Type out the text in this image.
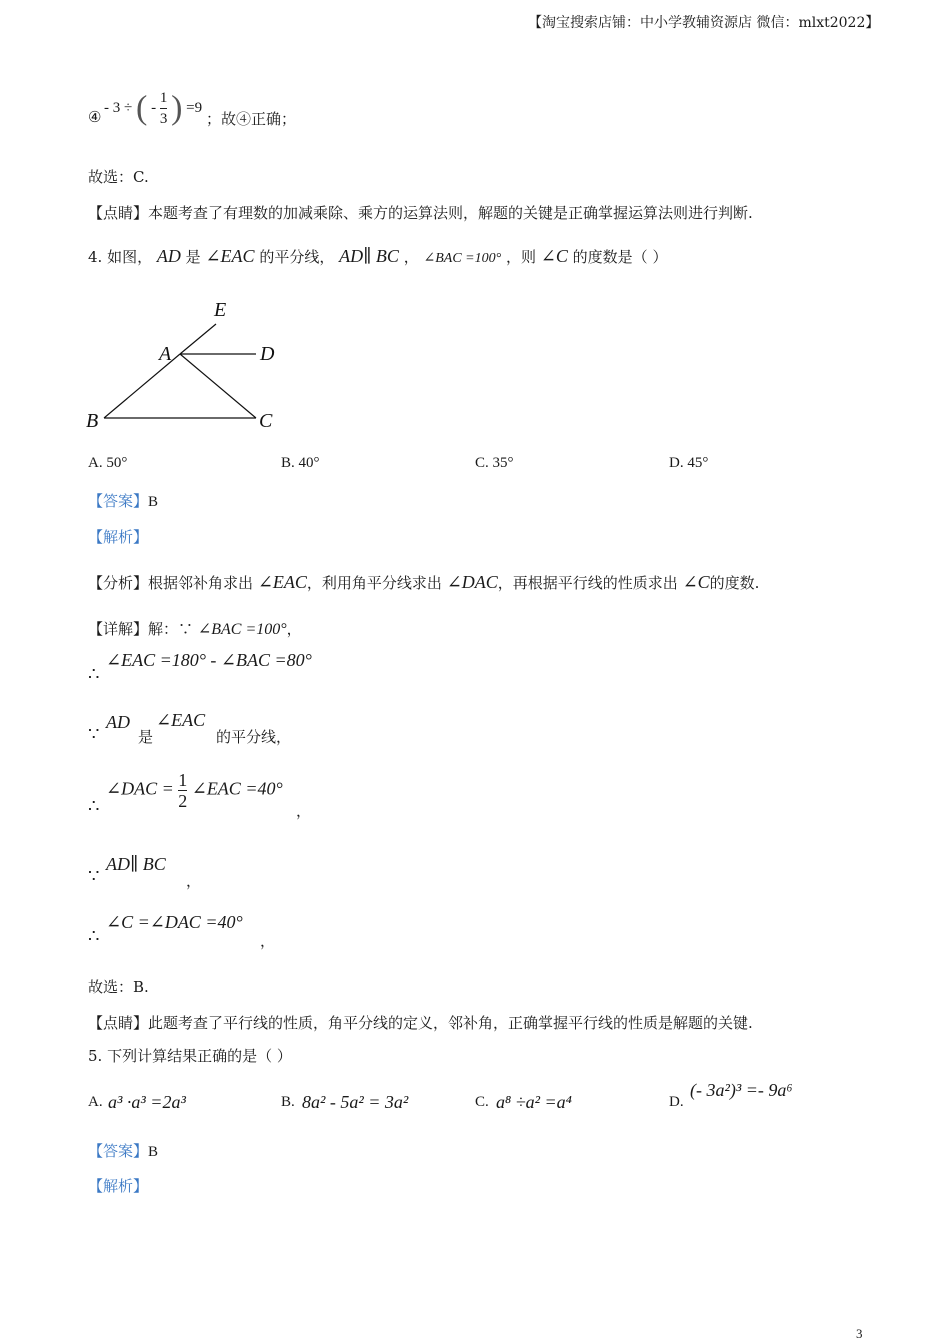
【淘宝搜索店铺：中小学教辅资源店 微信：mlxt2022】
④
- 3 ÷ ( - $\frac{1}{3}$ ) =9
；故④正确；
故选：C.
【点睛】本题考查了有理数的加减乘除、乘方的运算法则，解题的关键是正确掌握运算法则进行判断.
4. 如图， AD 是 ∠EAC 的平分线， AD∥ BC ， ∠BAC =100° ，则 ∠C 的度数是（ ）
E
A	D
B	C
A. 50°	B. 40°	C. 35°	D. 45°
【答案】B
【解析】
【分析】根据邻补角求出 ∠EAC，利用角平分线求出 ∠DAC，再根据平行线的性质求出 ∠C的度数.
【详解】解：∵ ∠BAC =100°，
∴
∠EAC =180° - ∠BAC =80°
∵
AD
是
∠EAC
的平分线，
∴
∠DAC = $\frac{1}{2}$ ∠EAC =40°
，
∵
AD∥ BC
，
∴
∠C =∠DAC =40°
，
故选：B.
【点睛】此题考查了平行线的性质，角平分线的定义，邻补角，正确掌握平行线的性质是解题的关键.
5. 下列计算结果正确的是（ ）
A. a³ ·a³ =2a³	B. 8a² - 5a² = 3a²	C. a⁸ ÷a² =a⁴	D.
(- 3a²)³ =- 9a⁶
【答案】B
【解析】
3
